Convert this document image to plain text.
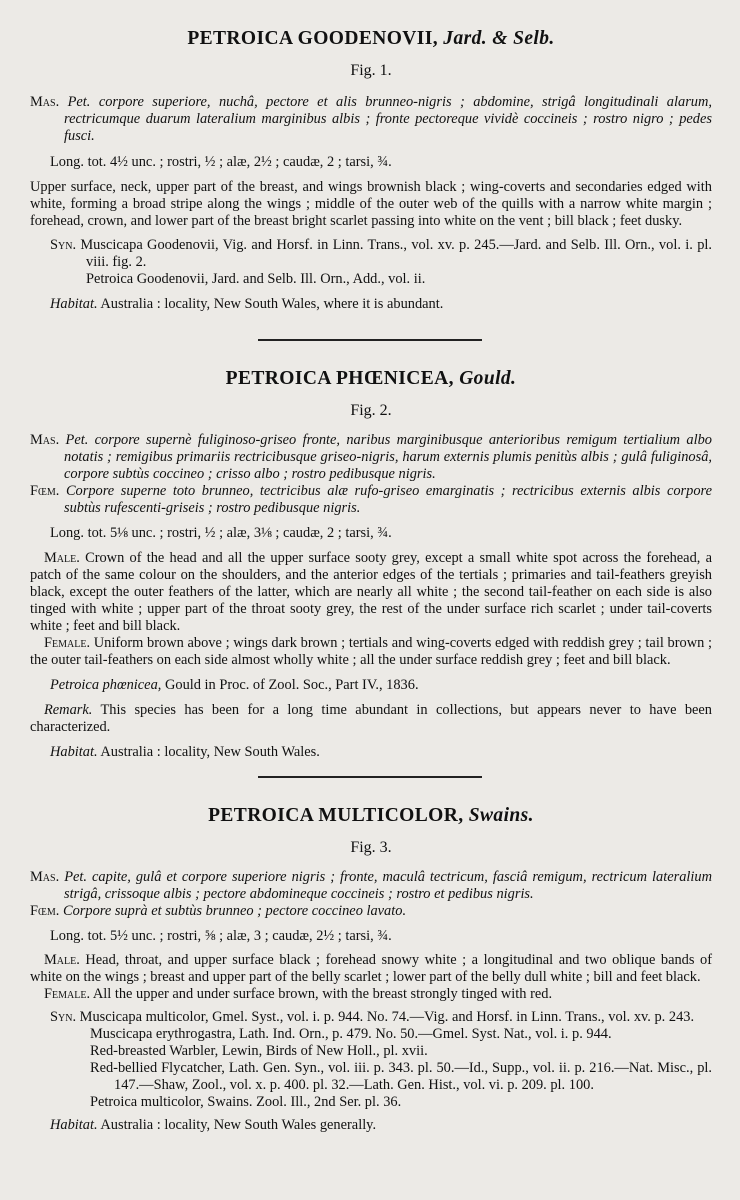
PETROICA GOODENOVII, Jard. & Selb.
Fig. 1.

Mas. Pet. corpore superiore, nuchâ, pectore et alis brunneo-nigris ; abdomine, strigâ longitudinali alarum, rectricumque duarum lateralium marginibus albis ; fronte pectoreque vividè coccineis ; rostro nigro ; pedes fusci.

Long. tot. 4½ unc. ; rostri, ½ ; alæ, 2½ ; caudæ, 2 ; tarsi, ¾.

Upper surface, neck, upper part of the breast, and wings brownish black ; wing-coverts and secondaries edged with white, forming a broad stripe along the wings ; middle of the outer web of the quills with a narrow white margin ; forehead, crown, and lower part of the breast bright scarlet passing into white on the vent ; bill black ; feet dusky.

Syn. Muscicapa Goodenovii, Vig. and Horsf. in Linn. Trans., vol. xv. p. 245.—Jard. and Selb. Ill. Orn., vol. i. pl. viii. fig. 2.

Petroica Goodenovii, Jard. and Selb. Ill. Orn., Add., vol. ii.

Habitat. Australia : locality, New South Wales, where it is abundant.

PETROICA PHŒNICEA, Gould.
Fig. 2.

Mas. Pet. corpore supernè fuliginoso-griseo fronte, naribus marginibusque anterioribus remigum tertialium albo notatis ; remigibus primariis rectricibusque griseo-nigris, harum externis plumis penitùs albis ; gulâ fuliginosâ, corpore subtùs coccineo ; crisso albo ; rostro pedibusque nigris.

Fœm. Corpore superne toto brunneo, tectricibus alæ rufo-griseo emarginatis ; rectricibus externis albis corpore subtùs rufescenti-griseis ; rostro pedibusque nigris.

Long. tot. 5⅛ unc. ; rostri, ½ ; alæ, 3⅛ ; caudæ, 2 ; tarsi, ¾.

Male. Crown of the head and all the upper surface sooty grey, except a small white spot across the forehead, a patch of the same colour on the shoulders, and the anterior edges of the tertials ; primaries and tail-feathers greyish black, except the outer feathers of the latter, which are nearly all white ; the second tail-feather on each side is also tinged with white ; upper part of the throat sooty grey, the rest of the under surface rich scarlet ; under tail-coverts white ; feet and bill black.

Female. Uniform brown above ; wings dark brown ; tertials and wing-coverts edged with reddish grey ; tail brown ; the outer tail-feathers on each side almost wholly white ; all the under surface reddish grey ; feet and bill black.

Petroica phœnicea, Gould in Proc. of Zool. Soc., Part IV., 1836.

Remark. This species has been for a long time abundant in collections, but appears never to have been characterized.

Habitat. Australia : locality, New South Wales.

PETROICA MULTICOLOR, Swains.
Fig. 3.

Mas. Pet. capite, gulâ et corpore superiore nigris ; fronte, maculâ tectricum, fasciâ remigum, rectricum lateralium strigâ, crissoque albis ; pectore abdomineque coccineis ; rostro et pedibus nigris.

Fœm. Corpore suprà et subtùs brunneo ; pectore coccineo lavato.

Long. tot. 5½ unc. ; rostri, ⅝ ; alæ, 3 ; caudæ, 2½ ; tarsi, ¾.

Male. Head, throat, and upper surface black ; forehead snowy white ; a longitudinal and two oblique bands of white on the wings ; breast and upper part of the belly scarlet ; lower part of the belly dull white ; bill and feet black.

Female. All the upper and under surface brown, with the breast strongly tinged with red.

Syn. Muscicapa multicolor, Gmel. Syst., vol. i. p. 944. No. 74.—Vig. and Horsf. in Linn. Trans., vol. xv. p. 243.

Muscicapa erythrogastra, Lath. Ind. Orn., p. 479. No. 50.—Gmel. Syst. Nat., vol. i. p. 944.

Red-breasted Warbler, Lewin, Birds of New Holl., pl. xvii.

Red-bellied Flycatcher, Lath. Gen. Syn., vol. iii. p. 343. pl. 50.—Id., Supp., vol. ii. p. 216.—Nat. Misc., pl. 147.—Shaw, Zool., vol. x. p. 400. pl. 32.—Lath. Gen. Hist., vol. vi. p. 209. pl. 100.

Petroica multicolor, Swains. Zool. Ill., 2nd Ser. pl. 36.

Habitat. Australia : locality, New South Wales generally.
